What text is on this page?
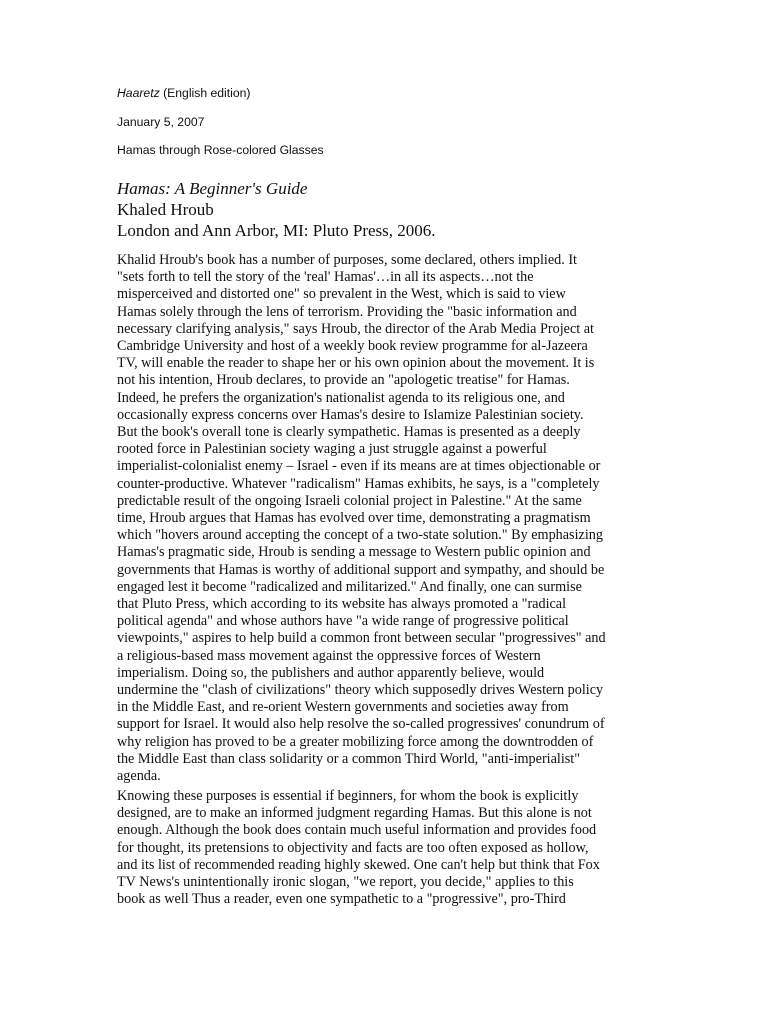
Haaretz (English edition)
January 5, 2007
Hamas through Rose-colored Glasses
Hamas: A Beginner's Guide
Khaled Hroub
London and Ann Arbor, MI: Pluto Press, 2006.
Khalid Hroub's book has a number of purposes, some declared, others implied. It
"sets forth to tell the story of the 'real' Hamas'…in all its aspects…not the
misperceived and distorted one" so prevalent in the West, which is said to view
Hamas solely through the lens of terrorism. Providing the "basic information and
necessary clarifying analysis," says Hroub, the director of the Arab Media Project at
Cambridge University and host of a weekly book review programme for al-Jazeera
TV, will enable the reader to shape her or his own opinion about the movement. It is
not his intention, Hroub declares, to provide an "apologetic treatise" for Hamas.
Indeed, he prefers the organization's nationalist agenda to its religious one, and
occasionally express concerns over Hamas's desire to Islamize Palestinian society.
But the book's overall tone is clearly sympathetic. Hamas is presented as a deeply
rooted force in Palestinian society waging a just struggle against a powerful
imperialist-colonialist enemy – Israel - even if its means are at times objectionable or
counter-productive. Whatever "radicalism" Hamas exhibits, he says, is a "completely
predictable result of the ongoing Israeli colonial project in Palestine." At the same
time, Hroub argues that Hamas has evolved over time, demonstrating a pragmatism
which "hovers around accepting the concept of a two-state solution." By emphasizing
Hamas's pragmatic side, Hroub is sending a message to Western public opinion and
governments that Hamas is worthy of additional support and sympathy, and should be
engaged lest it become "radicalized and militarized." And finally, one can surmise
that Pluto Press, which according to its website has always promoted a "radical
political agenda" and whose authors have "a wide range of progressive political
viewpoints," aspires to help build a common front between secular "progressives" and
a religious-based mass movement against the oppressive forces of Western
imperialism. Doing so, the publishers and author apparently believe, would
undermine the "clash of civilizations" theory which supposedly drives Western policy
in the Middle East, and re-orient Western governments and societies away from
support for Israel. It would also help resolve the so-called progressives' conundrum of
why religion has proved to be a greater mobilizing force among the downtrodden of
the Middle East than class solidarity or a common Third World, "anti-imperialist"
agenda.
Knowing these purposes is essential if beginners, for whom the book is explicitly
designed, are to make an informed judgment regarding Hamas. But this alone is not
enough. Although the book does contain much useful information and provides food
for thought, its pretensions to objectivity and facts are too often exposed as hollow,
and its list of recommended reading highly skewed. One can't help but think that Fox
TV News's unintentionally ironic slogan, "we report, you decide," applies to this
book as well Thus a reader, even one sympathetic to a "progressive", pro-Third
